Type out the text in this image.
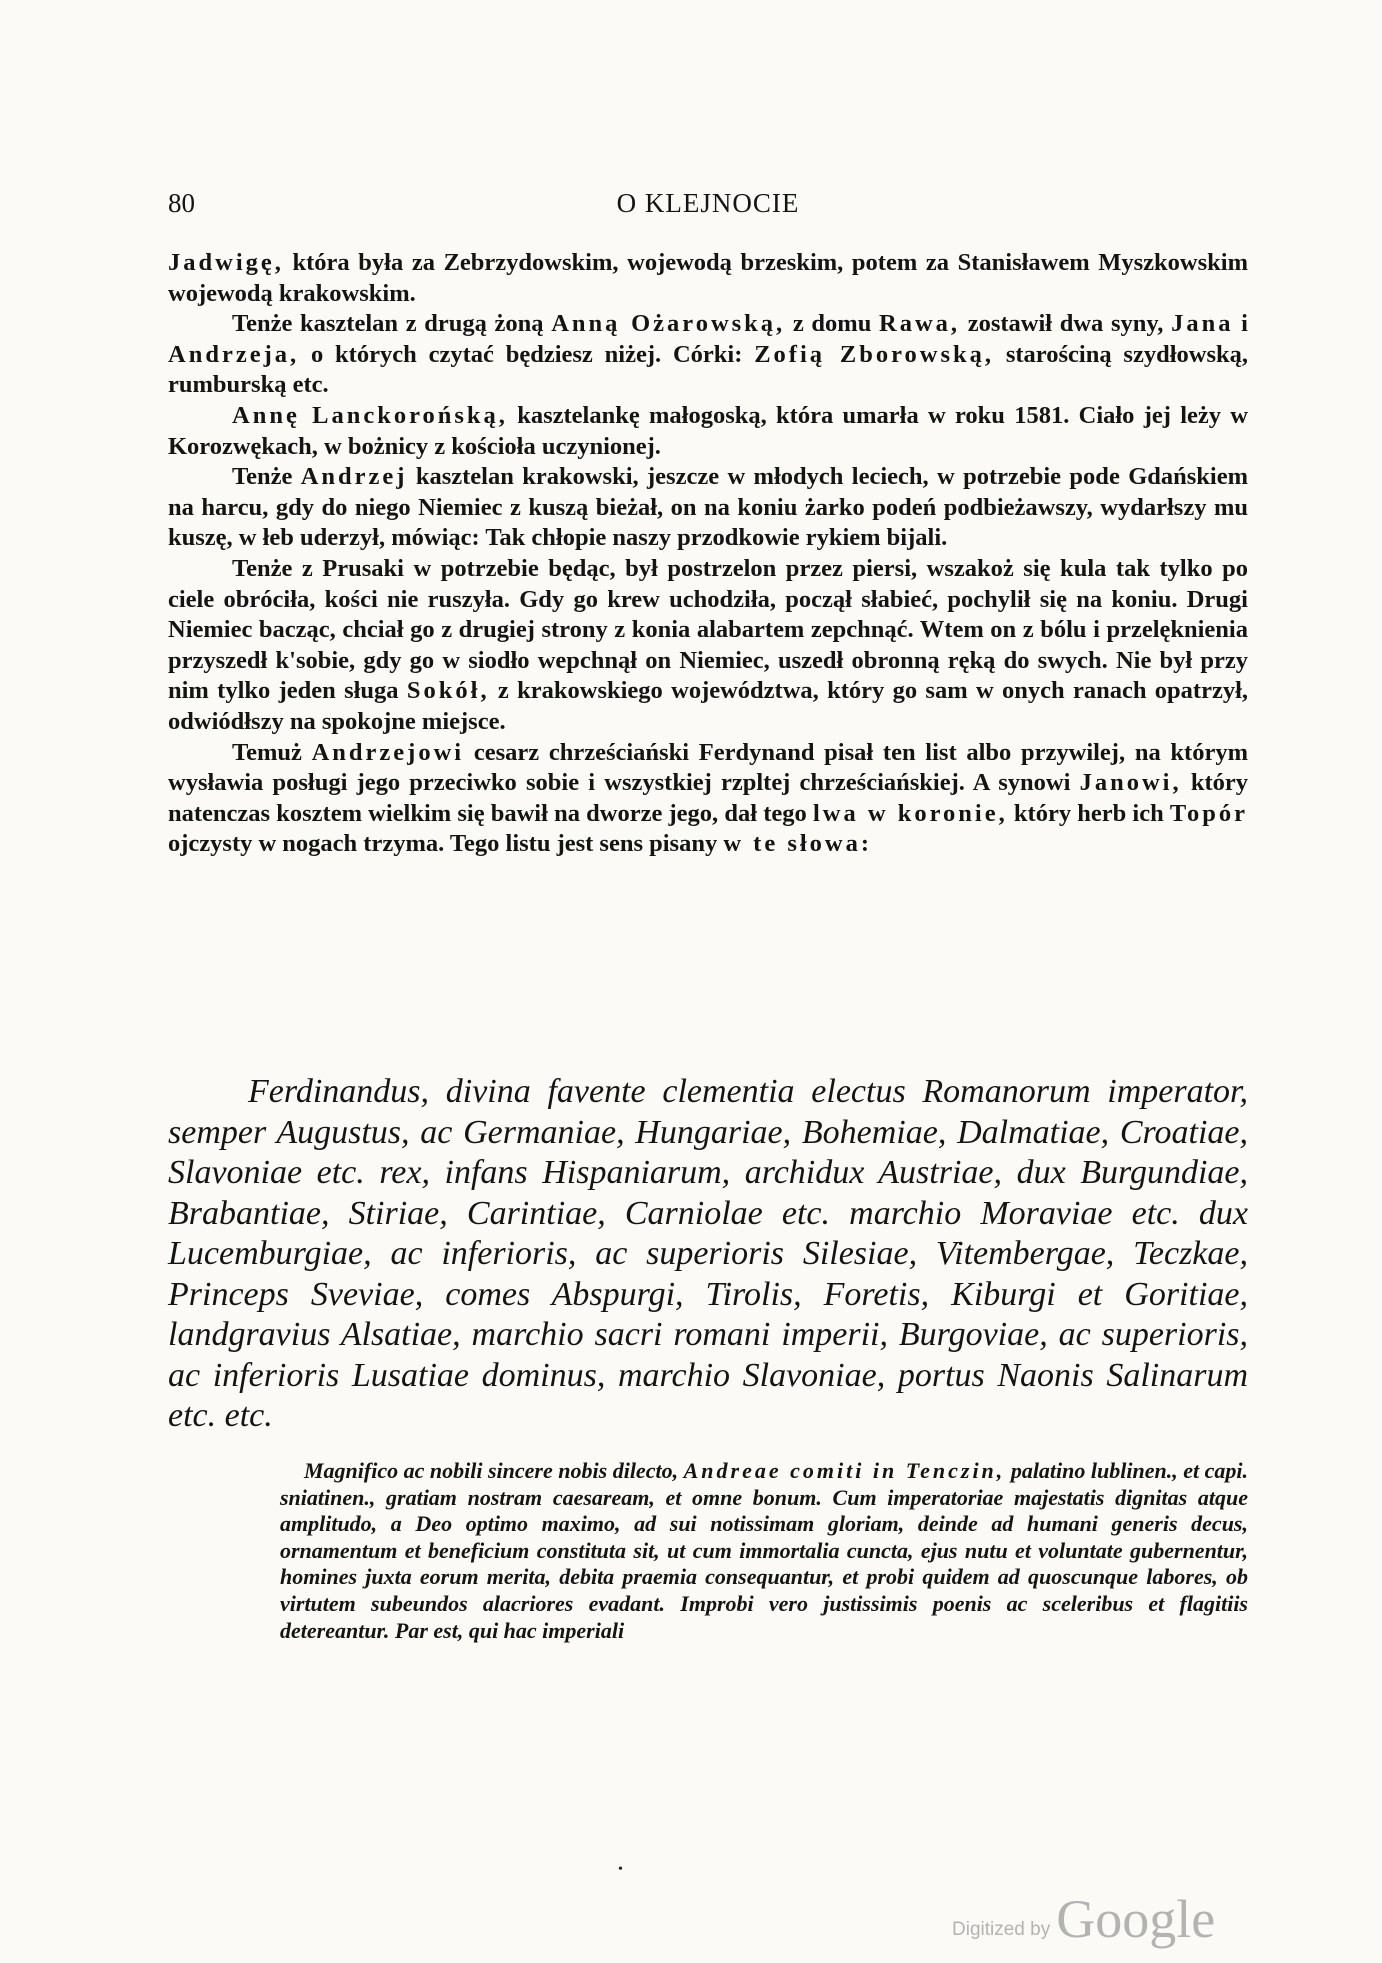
80	O KLEJNOCIE

Jadwigę, która była za Zebrzydowskim, wojewodą brzeskim, potem za Stanisławem Myszkowskim wojewodą krakowskim.

Tenże kasztelan z drugą żoną Anną Ożarowską, z domu Rawa, zostawił dwa syny, Jana i Andrzeja, o których czytać będziesz niżej. Córki: Zofią Zborowską, starościną szydłowską, rumburską etc.

Annę Lanckorońską, kasztelankę małogoską, która umarła w roku 1581. Ciało jej leży w Korozwękach, w bożnicy z kościoła uczynionej.

Tenże Andrzej kasztelan krakowski, jeszcze w młodych leciech, w potrzebie pode Gdańskiem na harcu, gdy do niego Niemiec z kuszą bieżał, on na koniu żarko podeń podbieżawszy, wydarłszy mu kuszę, w łeb uderzył, mówiąc: Tak chłopie naszy przodkowie rykiem bijali.

Tenże z Prusaki w potrzebie będąc, był postrzelon przez piersi, wszakoż się kula tak tylko po ciele obróciła, kości nie ruszyła. Gdy go krew uchodziła, począł słabieć, pochylił się na koniu. Drugi Niemiec bacząc, chciał go z drugiej strony z konia alabartem zepchnąć. Wtem on z bólu i przelęknienia przyszedł k'sobie, gdy go w siodło wepchnął on Niemiec, uszedł obronną ręką do swych. Nie był przy nim tylko jeden sługa Sokół, z krakowskiego województwa, który go sam w onych ranach opatrzył, odwiódłszy na spokojne miejsce.

Temuż Andrzejowi cesarz chrześciański Ferdynand pisał ten list albo przywilej, na którym wysławia posługi jego przeciwko sobie i wszystkiej rzpltej chrześciańskiej. A synowi Janowi, który natenczas kosztem wielkim się bawił na dworze jego, dał tego lwa w koronie, który herb ich Topór ojczysty w nogach trzyma. Tego listu jest sens pisany w te słowa:

Ferdinandus, divina favente clementia electus Romanorum imperator, semper Augustus, ac Germaniae, Hungariae, Bohemiae, Dalmatiae, Croatiae, Slavoniae etc. rex, infans Hispaniarum, archidux Austriae, dux Burgundiae, Brabantiae, Stiriae, Carintiae, Carniolae etc. marchio Moraviae etc. dux Lucemburgiae, ac inferioris, ac superioris Silesiae, Vitembergae, Teczkae, Princeps Sveviae, comes Abspurgi, Tirolis, Foretis, Kiburgi et Goritiae, landgravius Alsatiae, marchio sacri romani imperii, Burgoviae, ac superioris, ac inferioris Lusatiae dominus, marchio Slavoniae, portus Naonis Salinarum etc. etc.

Magnifico ac nobili sincere nobis dilecto, Andreae comiti in Tenczin, palatino lublinen., et capi. sniatinen., gratiam nostram caesaream, et omne bonum. Cum imperatoriae majestatis dignitas atque amplitudo, a Deo optimo maximo, ad sui notissimam gloriam, deinde ad humani generis decus, ornamentum et beneficium constituta sit, ut cum immortalia cuncta, ejus nutu et voluntate gubernentur, homines juxta eorum merita, debita praemia consequantur, et probi quidem ad quoscunque labores, ob virtutem subeundos alacriores evadant. Improbi vero justissimis poenis ac sceleribus et flagitiis detereantur. Par est, qui hac imperiali

•
Digitized by Google
